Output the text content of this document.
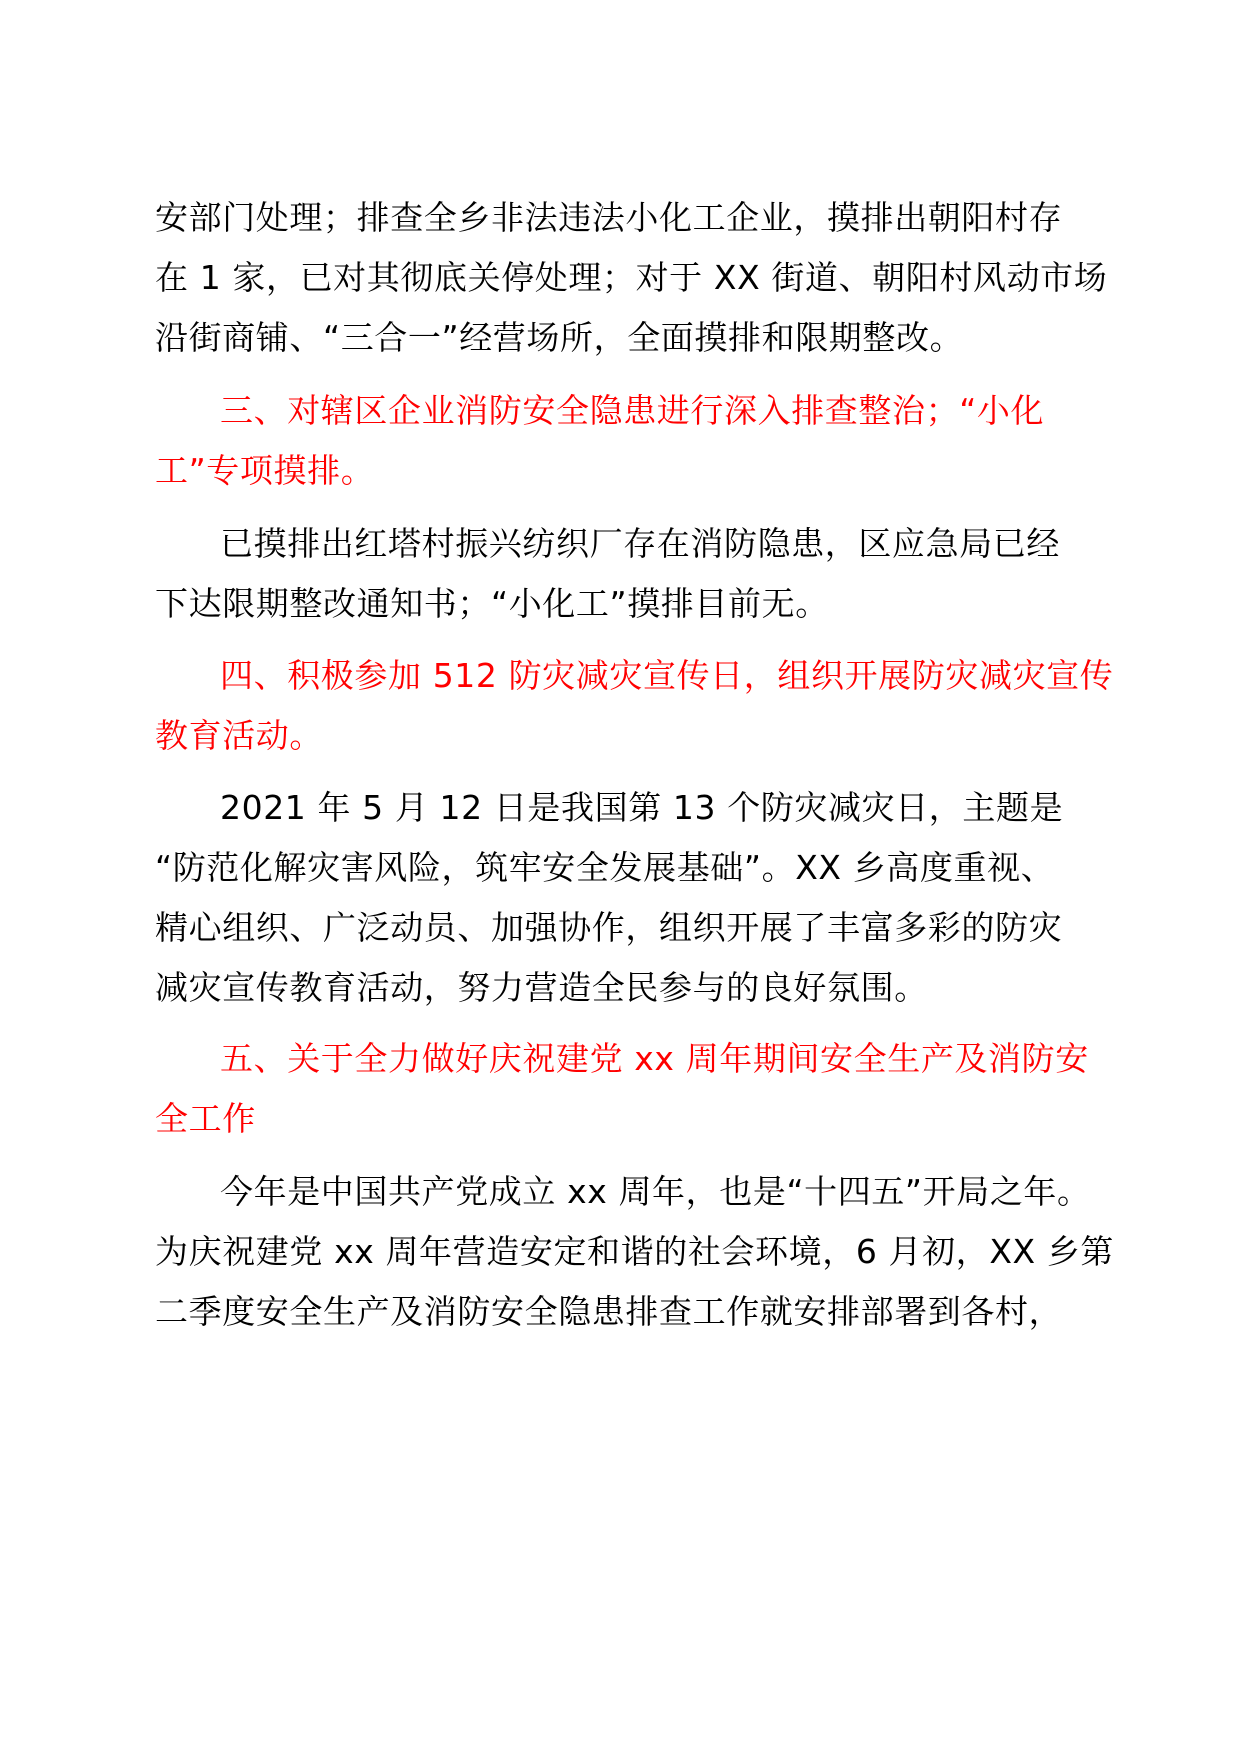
安部门处理；排查全乡非法违法小化工企业，摸排出朝阳村存
在 1 家，已对其彻底关停处理；对于 XX 街道、朝阳村风动市场
沿街商铺、“三合一”经营场所，全面摸排和限期整改。
三、对辖区企业消防安全隐患进行深入排查整治；“小化
工”专项摸排。
已摸排出红塔村振兴纺织厂存在消防隐患，区应急局已经
下达限期整改通知书；“小化工”摸排目前无。
四、积极参加 512 防灾减灾宣传日，组织开展防灾减灾宣传
教育活动。
2021 年 5 月 12 日是我国第 13 个防灾减灾日，主题是
“防范化解灾害风险，筑牢安全发展基础”。XX 乡高度重视、
精心组织、广泛动员、加强协作，组织开展了丰富多彩的防灾
减灾宣传教育活动，努力营造全民参与的良好氛围。
五、关于全力做好庆祝建党 xx 周年期间安全生产及消防安
全工作
今年是中国共产党成立 xx 周年，也是“十四五”开局之年。
为庆祝建党 xx 周年营造安定和谐的社会环境，6 月初，XX 乡第
二季度安全生产及消防安全隐患排查工作就安排部署到各村，
